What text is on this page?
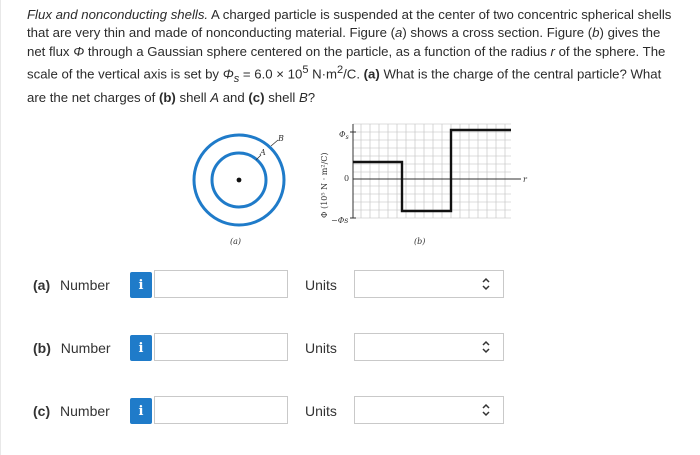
Flux and nonconducting shells. A charged particle is suspended at the center of two concentric spherical shells that are very thin and made of nonconducting material. Figure (a) shows a cross section. Figure (b) gives the net flux Φ through a Gaussian sphere centered on the particle, as a function of the radius r of the sphere. The scale of the vertical axis is set by $\Phi_s = 6.0 \times 10^5$ $N\cdot m^2/C$. (a) What is the charge of the central particle? What are the net charges of (b) shell A and (c) shell B?
A
B
(a)
Φ (10⁵ N · m²/C)
$\Phi_s$
0
−Φs
r
(b)
(a) Number	i	Units
(b) Number	i	Units
(c) Number	i	Units
